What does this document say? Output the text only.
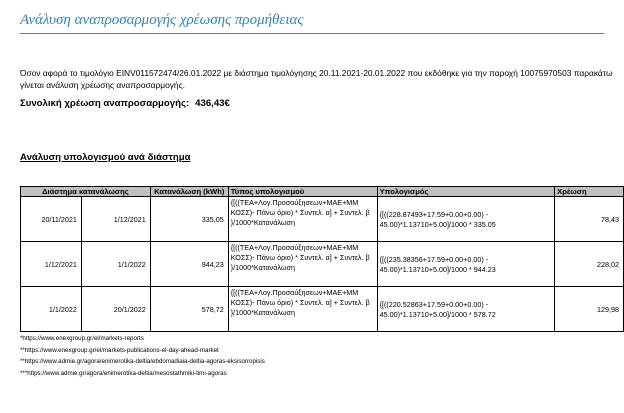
Ανάλυση αναπροσαρμογής χρέωσης προμήθειας
Όσον αφορά το τιμολόγιο EINV011572474/26.01.2022 με διάστημα τιμολόγησης 20.11.2021-20.01.2022 που εκδόθηκε για την παροχή 10075970503 παρακάτω γίνεται ανάλυση χρέωσης αναπροσαρμογής.
Συνολική χρέωση αναπροσαρμογής: 436,43€
Ανάλυση υπολογισμού ανά διάστημα
Διάστημα κατανάλωσης		Κατανάλωση (kWh)	Τύπος υπολογισμού	Υπολογισμός	Χρέωση
20/11/2021	1/12/2021	335,05	{[((ΤΕΑ+Λογ.Προσαύξησεων+ΜΑΕ+ΜΜ ΚΟΣΣ)- Πάνω όριο) * Συντελ. α] + Συντελ. β }/1000*Κατανάλωση	{[((228.87493+17.59+0.00+0.00) - 45.00)*1.13710+5.00]/1000 * 335.05	78,43
1/12/2021	1/1/2022	944,23	{[((ΤΕΑ+Λογ.Προσαύξησεων+ΜΑΕ+ΜΜ ΚΟΣΣ)- Πάνω όριο) * Συντελ. α] + Συντελ. β }/1000*Κατανάλωση	{[((235.38356+17.59+0.00+0.00) - 45.00)*1.13710+5.00]/1000 * 944.23	228,02
1/1/2022	20/1/2022	578,72	{[((ΤΕΑ+Λογ.Προσαύξησεων+ΜΑΕ+ΜΜ ΚΟΣΣ)- Πάνω όριο) * Συντελ. α] + Συντελ. β }/1000*Κατανάλωση	{[((220.52863+17.59+0.00+0.00) - 45.00)*1.13710+5.00]/1000 * 578.72	129,98
*https://www.enexgroup.gr/el/markets-reports
**https://www.enexgroup.gr/el/markets-publications-el-day-ahead-market
**https://www.admie.gr/agora/enimerotika-deltia/ebdomadiaia-deltia-agoras-eksisorropisis
***https://www.admie.gr/agora/enimerotika-deltia/mesostathmiki-timi-agoras
